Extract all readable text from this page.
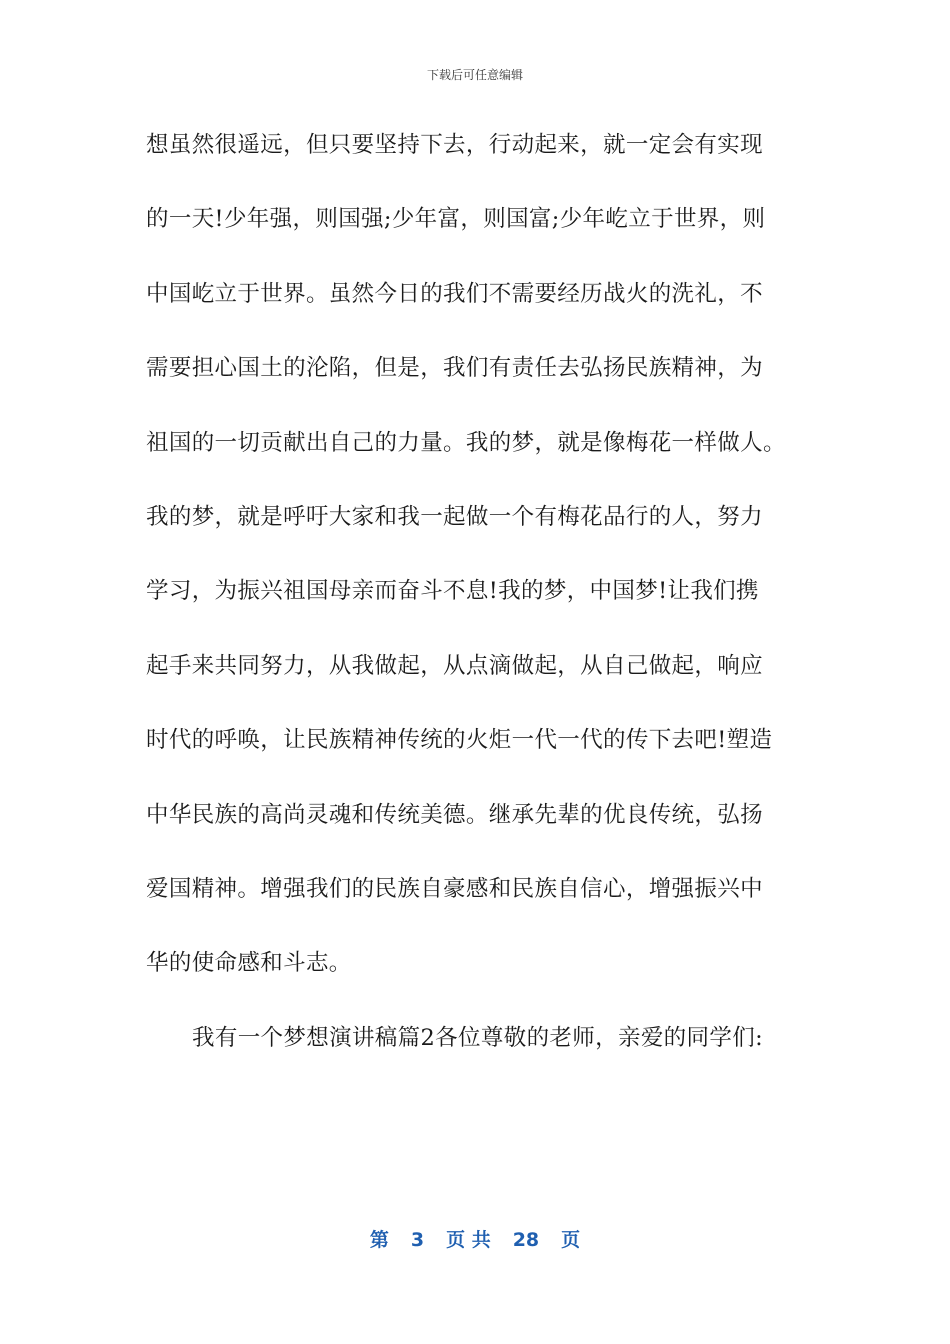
下载后可任意编辑
想虽然很遥远，但只要坚持下去，行动起来，就一定会有实现
的一天!少年强，则国强;少年富，则国富;少年屹立于世界，则
中国屹立于世界。虽然今日的我们不需要经历战火的洗礼，不
需要担心国土的沦陷，但是，我们有责任去弘扬民族精神，为
祖国的一切贡献出自己的力量。我的梦，就是像梅花一样做人。
我的梦，就是呼吁大家和我一起做一个有梅花品行的人，努力
学习，为振兴祖国母亲而奋斗不息!我的梦，中国梦!让我们携
起手来共同努力，从我做起，从点滴做起，从自己做起，响应
时代的呼唤，让民族精神传统的火炬一代一代的传下去吧!塑造
中华民族的高尚灵魂和传统美德。继承先辈的优良传统，弘扬
爱国精神。增强我们的民族自豪感和民族自信心，增强振兴中
华的使命感和斗志。
我有一个梦想演讲稿篇2各位尊敬的老师，亲爱的同学们:
第 3 页 共 28 页
